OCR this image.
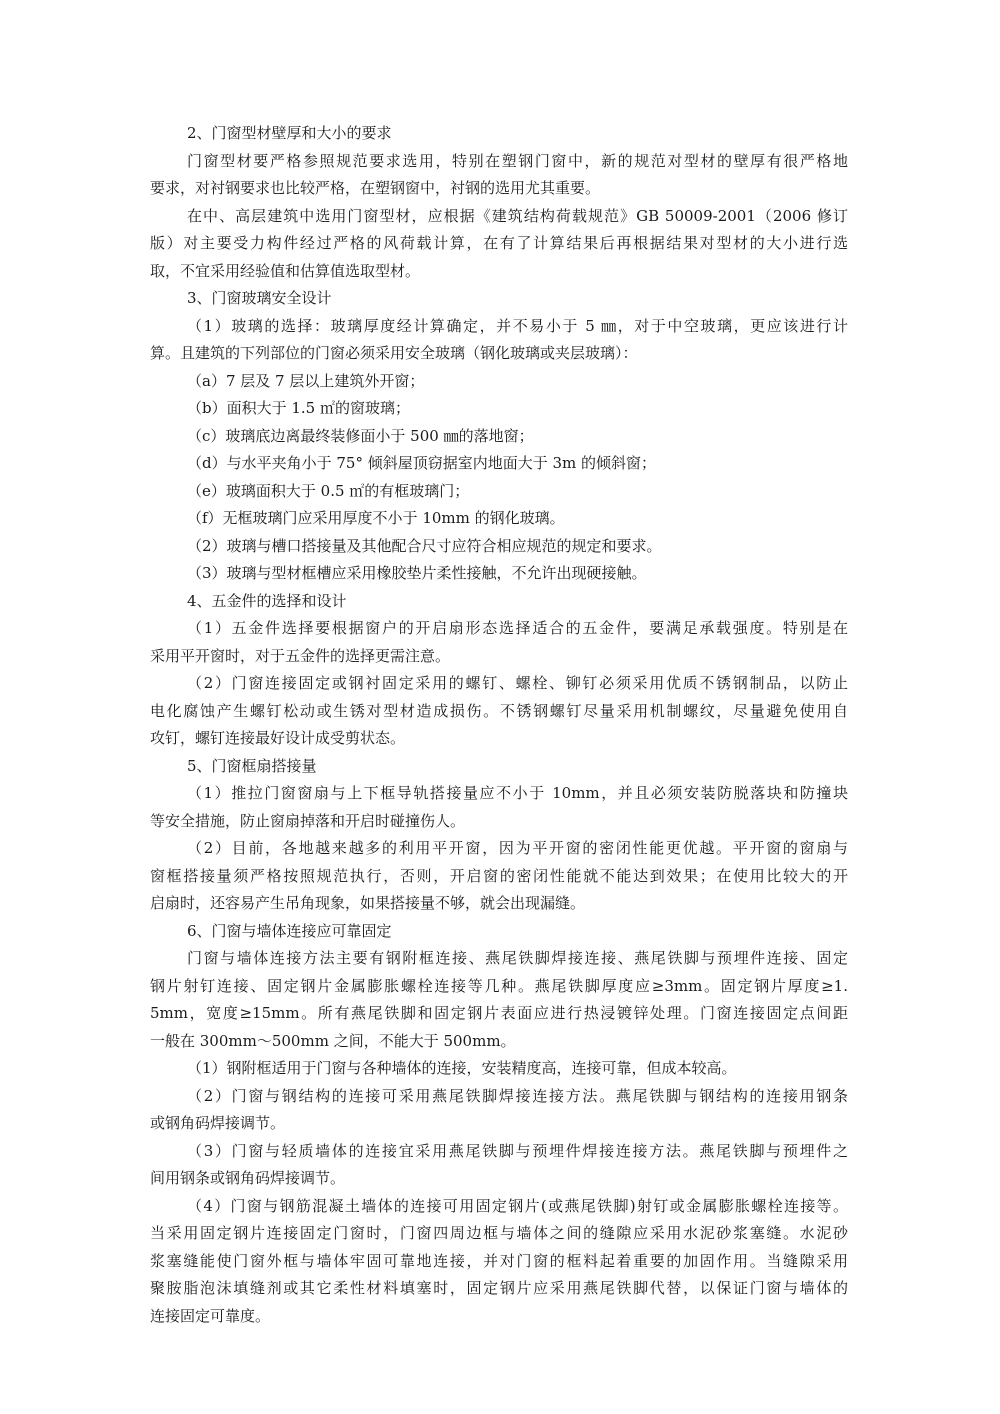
2、门窗型材壁厚和大小的要求
门窗型材要严格参照规范要求选用，特别在塑钢门窗中，新的规范对型材的壁厚有很严格地
要求，对衬钢要求也比较严格，在塑钢窗中，衬钢的选用尤其重要。
在中、高层建筑中选用门窗型材，应根据《建筑结构荷载规范》GB 50009-2001（2006 修订
版）对主要受力构件经过严格的风荷载计算，在有了计算结果后再根据结果对型材的大小进行选
取，不宜采用经验值和估算值选取型材。
3、门窗玻璃安全设计
（1）玻璃的选择：玻璃厚度经计算确定，并不易小于 5 ㎜，对于中空玻璃，更应该进行计
算。且建筑的下列部位的门窗必须采用安全玻璃（钢化玻璃或夹层玻璃）：
（a）7 层及 7 层以上建筑外开窗；
（b）面积大于 1.5 ㎡的窗玻璃；
（c）玻璃底边离最终装修面小于 500 ㎜的落地窗；
（d）与水平夹角小于 75° 倾斜屋顶窃据室内地面大于 3m 的倾斜窗；
（e）玻璃面积大于 0.5 ㎡的有框玻璃门；
（f）无框玻璃门应采用厚度不小于 10mm 的钢化玻璃。
（2）玻璃与槽口搭接量及其他配合尺寸应符合相应规范的规定和要求。
（3）玻璃与型材框槽应采用橡胶垫片柔性接触，不允许出现硬接触。
4、五金件的选择和设计
（1）五金件选择要根据窗户的开启扇形态选择适合的五金件，要满足承载强度。特别是在
采用平开窗时，对于五金件的选择更需注意。
（2）门窗连接固定或钢衬固定采用的螺钉、螺栓、铆钉必须采用优质不锈钢制品，以防止
电化腐蚀产生螺钉松动或生锈对型材造成损伤。不锈钢螺钉尽量采用机制螺纹，尽量避免使用自
攻钉，螺钉连接最好设计成受剪状态。
5、门窗框扇搭接量
（1）推拉门窗窗扇与上下框导轨搭接量应不小于 10mm，并且必须安装防脱落块和防撞块
等安全措施，防止窗扇掉落和开启时碰撞伤人。
（2）目前，各地越来越多的利用平开窗，因为平开窗的密闭性能更优越。平开窗的窗扇与
窗框搭接量须严格按照规范执行，否则，开启窗的密闭性能就不能达到效果；在使用比较大的开
启扇时，还容易产生吊角现象，如果搭接量不够，就会出现漏缝。
6、门窗与墙体连接应可靠固定
门窗与墙体连接方法主要有钢附框连接、燕尾铁脚焊接连接、燕尾铁脚与预埋件连接、固定
钢片射钉连接、固定钢片金属膨胀螺栓连接等几种。燕尾铁脚厚度应≥3mm。固定钢片厚度≥1.
5mm，宽度≥15mm。所有燕尾铁脚和固定钢片表面应进行热浸镀锌处理。门窗连接固定点间距
一般在 300mm～500mm 之间，不能大于 500mm。
（1）钢附框适用于门窗与各种墙体的连接，安装精度高，连接可靠，但成本较高。
（2）门窗与钢结构的连接可采用燕尾铁脚焊接连接方法。燕尾铁脚与钢结构的连接用钢条
或钢角码焊接调节。
（3）门窗与轻质墙体的连接宜采用燕尾铁脚与预埋件焊接连接方法。燕尾铁脚与预埋件之
间用钢条或钢角码焊接调节。
（4）门窗与钢筋混凝土墙体的连接可用固定钢片(或燕尾铁脚)射钉或金属膨胀螺栓连接等。
当采用固定钢片连接固定门窗时，门窗四周边框与墙体之间的缝隙应采用水泥砂浆塞缝。水泥砂
浆塞缝能使门窗外框与墙体牢固可靠地连接，并对门窗的框料起着重要的加固作用。当缝隙采用
聚胺脂泡沫填缝剂或其它柔性材料填塞时，固定钢片应采用燕尾铁脚代替，以保证门窗与墙体的
连接固定可靠度。
